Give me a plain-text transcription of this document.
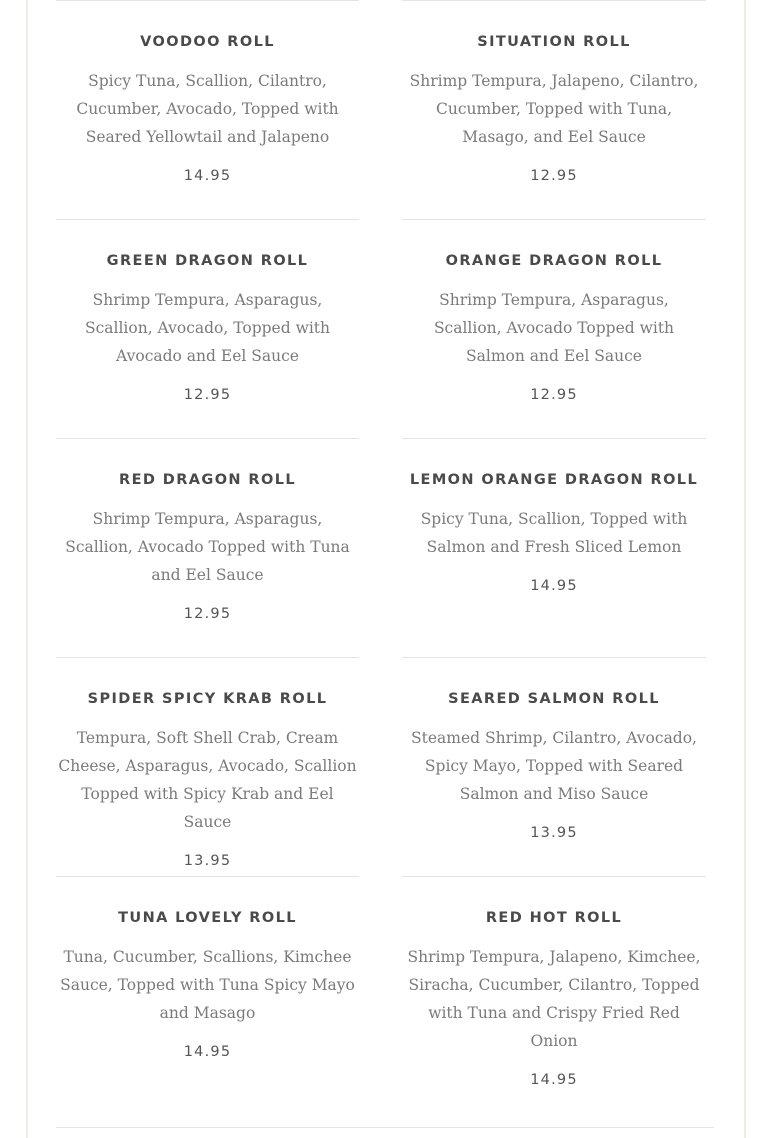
VOODOO ROLL

Spicy Tuna, Scallion, Cilantro, Cucumber, Avocado, Topped with Seared Yellowtail and Jalapeno

14.95
SITUATION ROLL

Shrimp Tempura, Jalapeno, Cilantro, Cucumber, Topped with Tuna, Masago, and Eel Sauce

12.95
GREEN DRAGON ROLL

Shrimp Tempura, Asparagus, Scallion, Avocado, Topped with Avocado and Eel Sauce

12.95
ORANGE DRAGON ROLL

Shrimp Tempura, Asparagus, Scallion, Avocado Topped with Salmon and Eel Sauce

12.95
RED DRAGON ROLL

Shrimp Tempura, Asparagus, Scallion, Avocado Topped with Tuna and Eel Sauce

12.95
LEMON ORANGE DRAGON ROLL

Spicy Tuna, Scallion, Topped with Salmon and Fresh Sliced Lemon

14.95
SPIDER SPICY KRAB ROLL

Tempura, Soft Shell Crab, Cream Cheese, Asparagus, Avocado, Scallion Topped with Spicy Krab and Eel Sauce

13.95
SEARED SALMON ROLL

Steamed Shrimp, Cilantro, Avocado, Spicy Mayo, Topped with Seared Salmon and Miso Sauce

13.95
TUNA LOVELY ROLL

Tuna, Cucumber, Scallions, Kimchee Sauce, Topped with Tuna Spicy Mayo and Masago

14.95
RED HOT ROLL

Shrimp Tempura, Jalapeno, Kimchee, Siracha, Cucumber, Cilantro, Topped with Tuna and Crispy Fried Red Onion

14.95
